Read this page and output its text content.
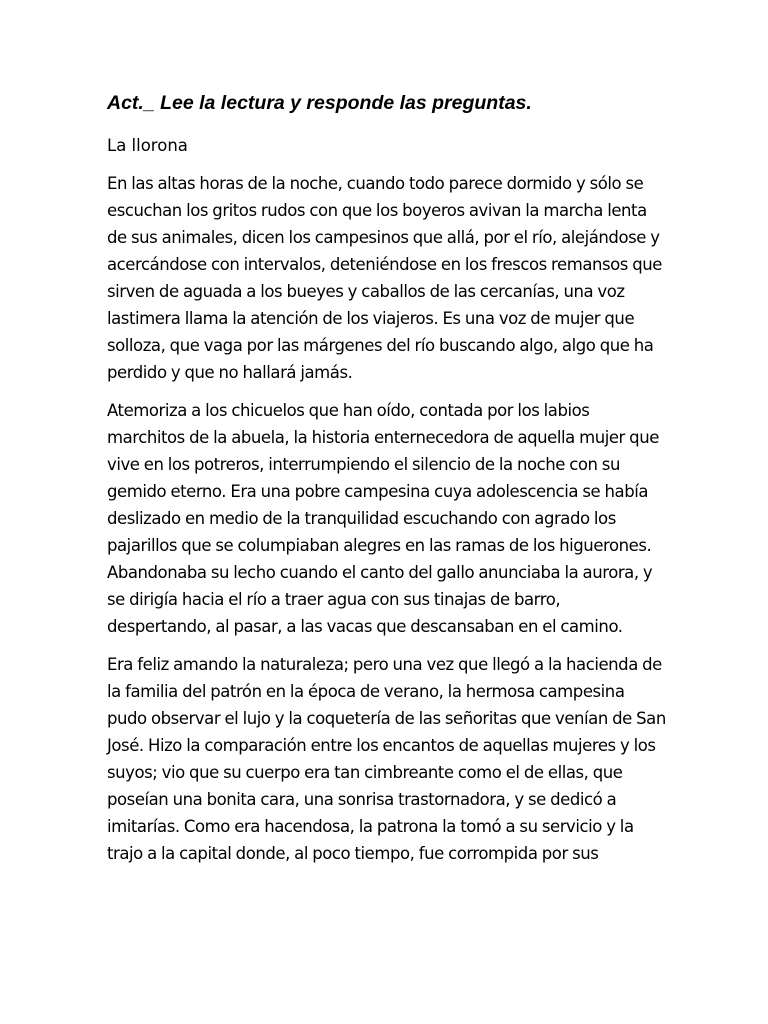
Act._ Lee la lectura y responde las preguntas.
La llorona

En las altas horas de la noche, cuando todo parece dormido y sólo se
escuchan los gritos rudos con que los boyeros avivan la marcha lenta
de sus animales, dicen los campesinos que allá, por el río, alejándose y
acercándose con intervalos, deteniéndose en los frescos remansos que
sirven de aguada a los bueyes y caballos de las cercanías, una voz
lastimera llama la atención de los viajeros. Es una voz de mujer que
solloza, que vaga por las márgenes del río buscando algo, algo que ha
perdido y que no hallará jamás.

Atemoriza a los chicuelos que han oído, contada por los labios
marchitos de la abuela, la historia enternecedora de aquella mujer que
vive en los potreros, interrumpiendo el silencio de la noche con su
gemido eterno. Era una pobre campesina cuya adolescencia se había
deslizado en medio de la tranquilidad escuchando con agrado los
pajarillos que se columpiaban alegres en las ramas de los higuerones.
Abandonaba su lecho cuando el canto del gallo anunciaba la aurora, y
se dirigía hacia el río a traer agua con sus tinajas de barro,
despertando, al pasar, a las vacas que descansaban en el camino.

Era feliz amando la naturaleza; pero una vez que llegó a la hacienda de
la familia del patrón en la época de verano, la hermosa campesina
pudo observar el lujo y la coquetería de las señoritas que venían de San
José. Hizo la comparación entre los encantos de aquellas mujeres y los
suyos; vio que su cuerpo era tan cimbreante como el de ellas, que
poseían una bonita cara, una sonrisa trastornadora, y se dedicó a
imitarías. Como era hacendosa, la patrona la tomó a su servicio y la
trajo a la capital donde, al poco tiempo, fue corrompida por sus
